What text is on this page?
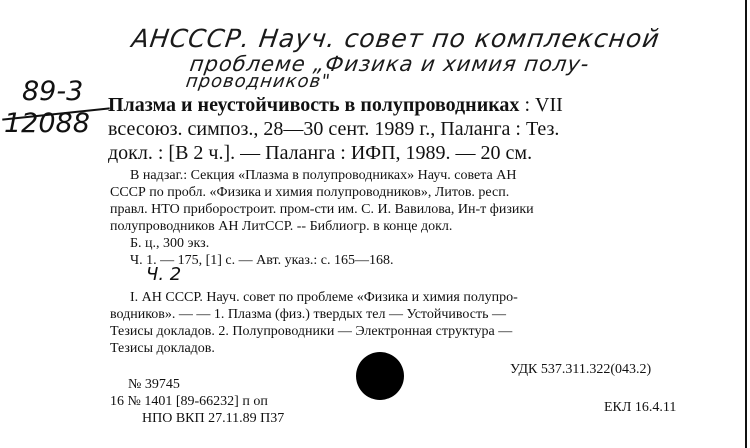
АНСССР. Науч. совет по комплексной
проблеме „Физика и химия полу-
проводников"
89-3
12088
Плазма и неустойчивость в полупроводниках : VII
всесоюз. симпоз., 28—30 сент. 1989 г., Паланга : Тез.
докл. : [В 2 ч.]. — Паланга : ИФП, 1989. — 20 см.
В надзаг.: Секция «Плазма в полупроводниках» Науч. совета АН
СССР по пробл. «Физика и химия полупроводников», Литов. респ.
правл. НТО приборостроит. пром-сти им. С. И. Вавилова, Ин-т физики
полупроводников АН ЛитССР. -- Библиогр. в конце докл.
Б. ц., 300 экз.
Ч. 1. — 175, [1] с. — Авт. указ.: с. 165—168.
Ч. 2
I. АН СССР. Науч. совет по проблеме «Физика и химия полупро-
водников». — — 1. Плазма (физ.) твердых тел — Устойчивость —
Тезисы докладов. 2. Полупроводники — Электронная структура —
Тезисы докладов.
№ 39745
16 № 1401 [89-66232] п оп
НПО ВКП 27.11.89 П37
УДК 537.311.322(043.2)
ЕКЛ 16.4.11
